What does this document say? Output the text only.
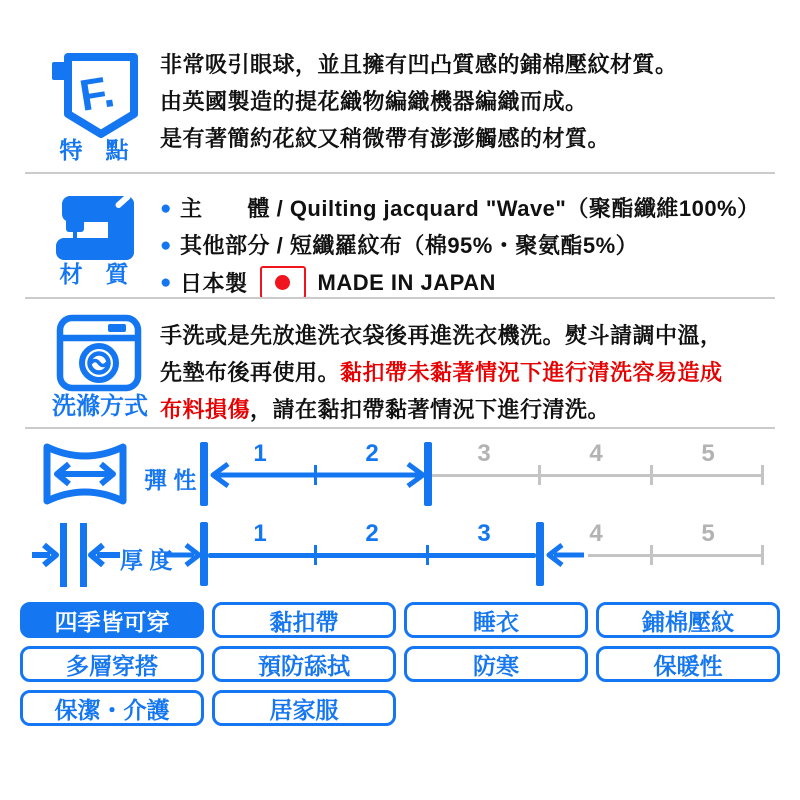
F.
特　點

非常吸引眼球，並且擁有凹凸質感的鋪棉壓紋材質。

由英國製造的提花織物編織機器編織而成。

是有著簡約花紋又稍微帶有澎澎觸感的材質。

材　質

● 主　　體 / Quilting jacquard "Wave"（聚酯纖維100%）

● 其他部分 / 短纖羅紋布（棉95%・聚氨酯5%）

● 日本製	MADE IN JAPAN
洗滌方式

手洗或是先放進洗衣袋後再進洗衣機洗。熨斗請調中溫，

先墊布後再使用。黏扣帶未黏著情況下進行清洗容易造成

布料損傷，請在黏扣帶黏著情況下進行清洗。

彈 性
1	2	3	4	5
厚 度
1	2	3	4	5
四季皆可穿	黏扣帶	睡衣	鋪棉壓紋
多層穿搭	預防舔拭	防寒	保暖性
保潔・介護	居家服
